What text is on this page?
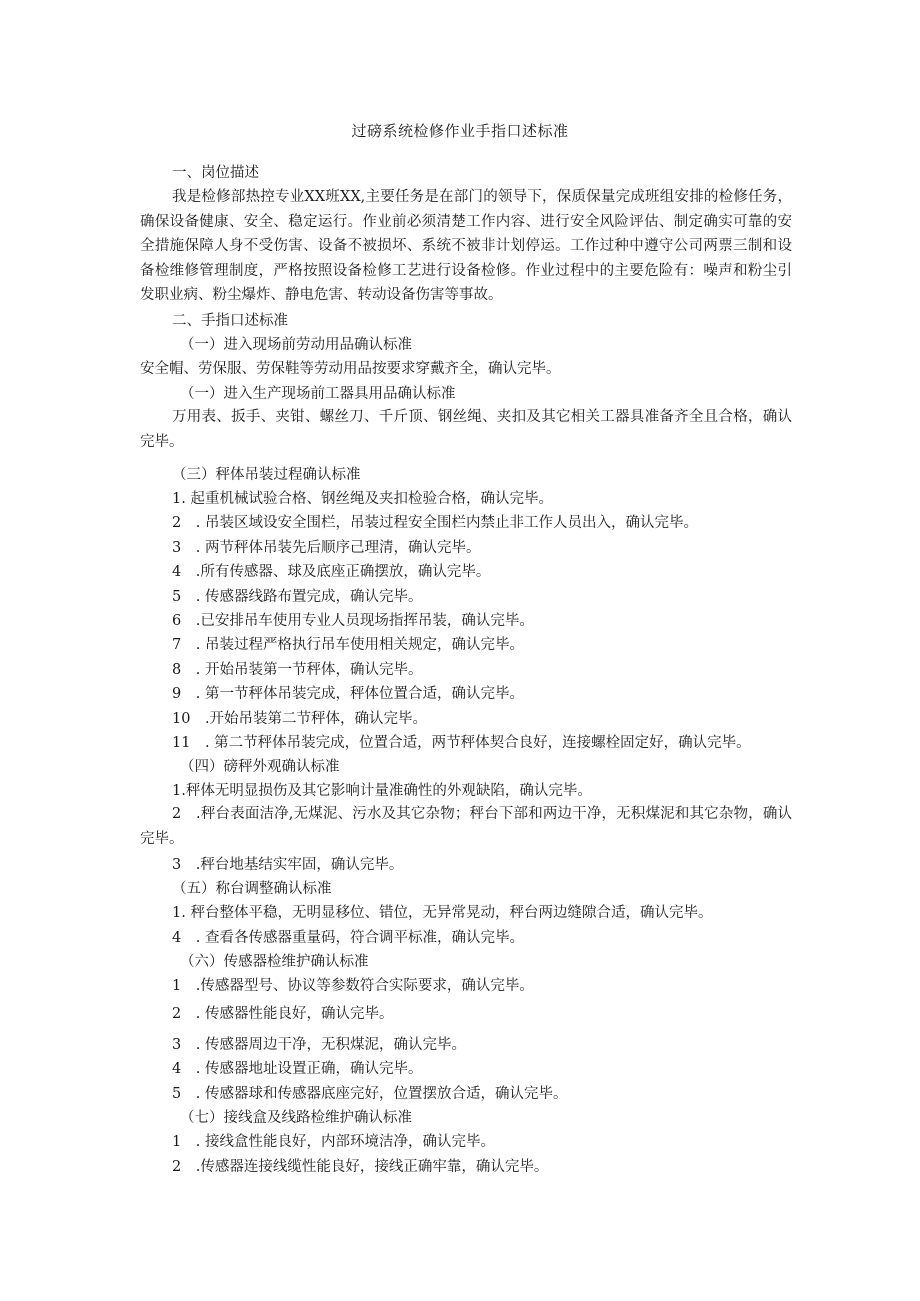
过磅系统检修作业手指口述标准
一、岗位描述
我是检修部热控专业XX班XX,主要任务是在部门的领导下，保质保量完成班组安排的检修任务，确保设备健康、安全、稳定运行。作业前必须清楚工作内容、进行安全风险评估、制定确实可靠的安全措施保障人身不受伤害、设备不被损坏、系统不被非计划停运。工作过种中遵守公司两票三制和设备检维修管理制度，严格按照设备检修工艺进行设备检修。作业过程中的主要危险有：噪声和粉尘引发职业病、粉尘爆炸、静电危害、转动设备伤害等事故。
二、手指口述标准
（一）进入现场前劳动用品确认标准
安全帽、劳保服、劳保鞋等劳动用品按要求穿戴齐全，确认完毕。
（一）进入生产现场前工器具用品确认标准
万用表、扳手、夹钳、螺丝刀、千斤顶、钢丝绳、夹扣及其它相关工器具准备齐全且合格，确认完毕。
（三）秤体吊装过程确认标准
1. 起重机械试验合格、钢丝绳及夹扣检验合格，确认完毕。
2　. 吊装区域设安全围栏，吊装过程安全围栏内禁止非工作人员出入，确认完毕。
3　. 两节秤体吊装先后顺序己理清，确认完毕。
4　.所有传感器、球及底座正确摆放，确认完毕。
5　. 传感器线路布置完成，确认完毕。
6　.已安排吊车使用专业人员现场指挥吊装，确认完毕。
7　. 吊装过程严格执行吊车使用相关规定，确认完毕。
8　. 开始吊装第一节秤体，确认完毕。
9　. 第一节秤体吊装完成，秤体位置合适，确认完毕。
10　.开始吊装第二节秤体，确认完毕。
11　. 第二节秤体吊装完成，位置合适，两节秤体契合良好，连接螺栓固定好，确认完毕。
（四）磅秤外观确认标准
1.秤体无明显损伤及其它影响计量准确性的外观缺陷，确认完毕。
2　.秤台表面洁净,无煤泥、污水及其它杂物；秤台下部和两边干净，无积煤泥和其它杂物，确认完毕。
3　.秤台地基结实牢固，确认完毕。
（五）称台调整确认标准
1. 秤台整体平稳，无明显移位、错位，无异常晃动，秤台两边缝隙合适，确认完毕。
4　. 查看各传感器重量码，符合调平标准，确认完毕。
（六）传感器检维护确认标准
1　.传感器型号、协议等参数符合实际要求，确认完毕。
2　. 传感器性能良好，确认完毕。
3　. 传感器周边干净，无积煤泥，确认完毕。
4　. 传感器地址设置正确，确认完毕。
5　. 传感器球和传感器底座完好，位置摆放合适，确认完毕。
（七）接线盒及线路检维护确认标准
1　. 接线盒性能良好，内部环境洁净，确认完毕。
2　.传感器连接线缆性能良好，接线正确牢靠，确认完毕。
